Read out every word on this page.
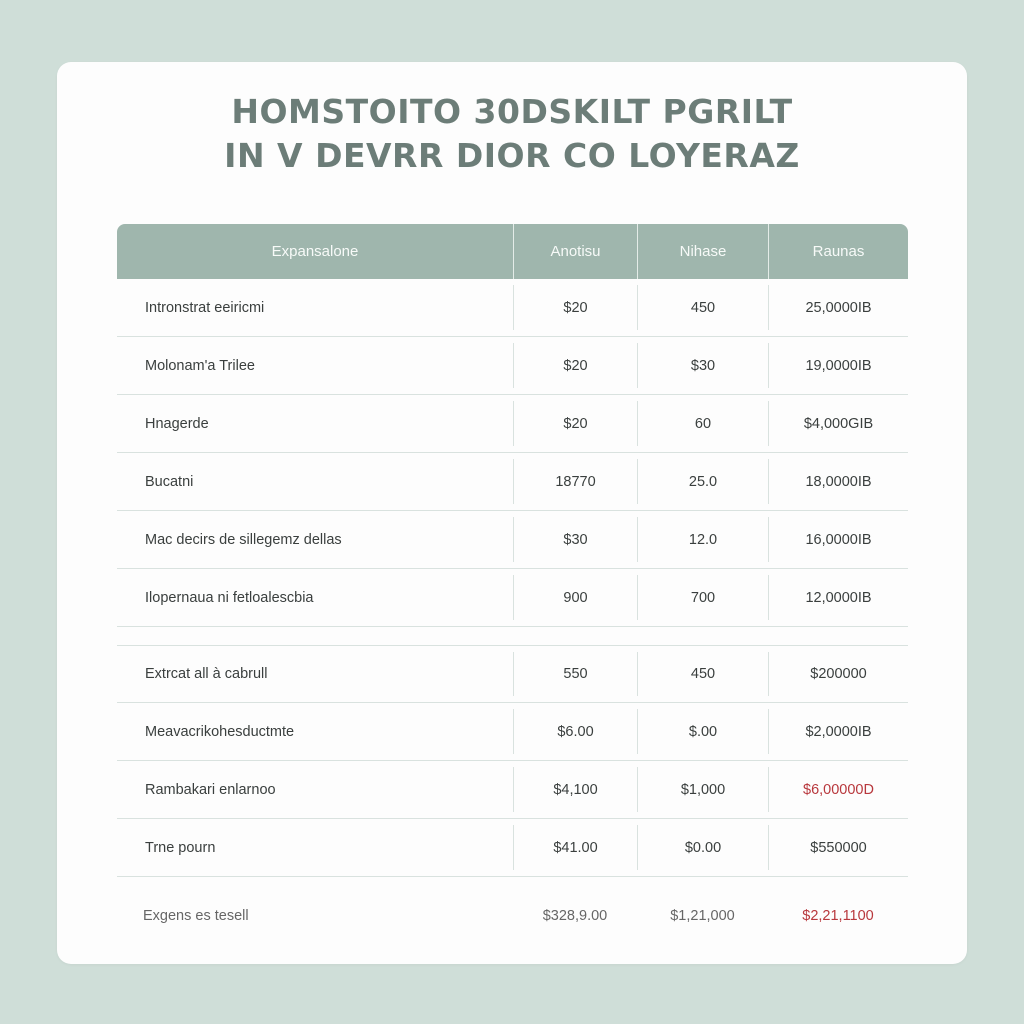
HOMSTOITO 30DSKILT PGRILT
IN V DEVRR DIOR CO LOYERAZ
Expansalone	Anotisu	Nihase	Raunas
Intronstrat eeiricmi	$20	450	25,0000IB
Molonam'a Trilee	$20	$30	19,0000IB
Hnagerde	$20	60	$4,000GIB
Bucatni	18770	25.0	18,0000IB
Mac decirs de sillegemz dellas	$30	12.0	16,0000IB
Ilopernaua ni fetloalescbia	900	700	12,0000IB
Extrcat all à cabrull	550	450	$200000
Meavacrikohesductmte	$6.00	$.00	$2,0000IB
Rambakari enlarnoo	$4,100	$1,000	$6,00000D
Trne pourn	$41.00	$0.00	$550000
Exgens es tesell	$328,9.00	$1,21,000	$2,21,1100
